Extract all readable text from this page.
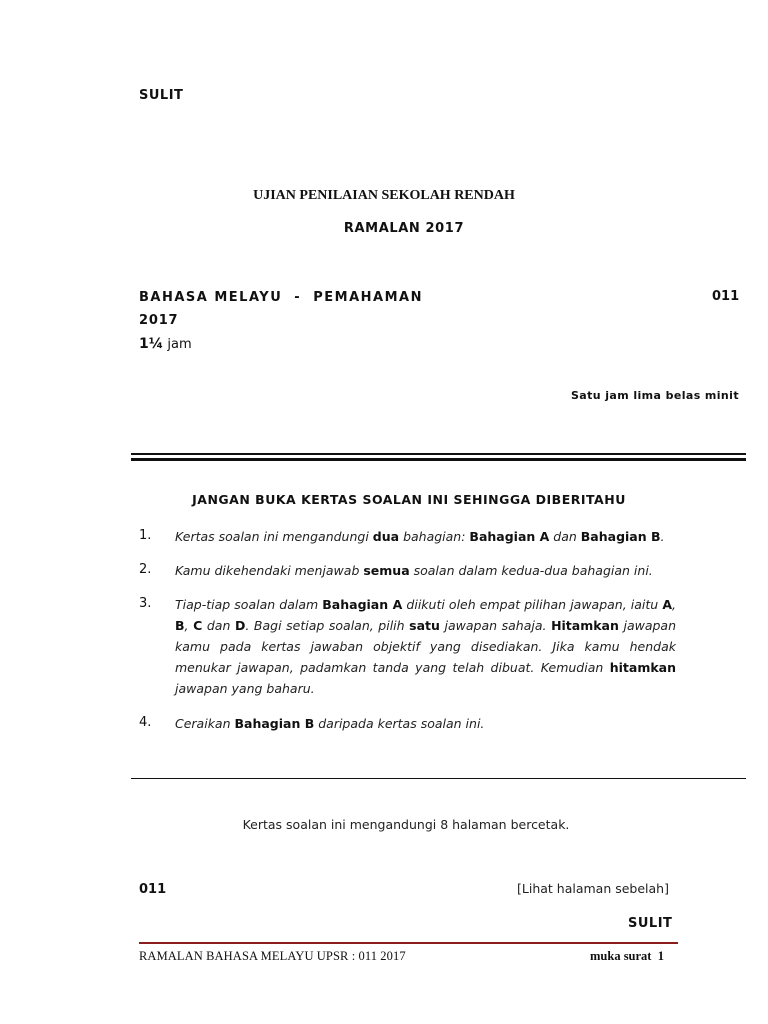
SULIT
UJIAN PENILAIAN SEKOLAH RENDAH
RAMALAN 2017
BAHASA MELAYU  -  PEMAHAMAN	011
2017
1¼ jam
Satu jam lima belas minit
JANGAN BUKA KERTAS SOALAN INI SEHINGGA DIBERITAHU
1. Kertas soalan ini mengandungi dua bahagian: Bahagian A dan Bahagian B.
2. Kamu dikehendaki menjawab semua soalan dalam kedua-dua bahagian ini.
3. Tiap-tiap soalan dalam Bahagian A diikuti oleh empat pilihan jawapan, iaitu A, B, C dan D. Bagi setiap soalan, pilih satu jawapan sahaja. Hitamkan jawapan kamu pada kertas jawaban objektif yang disediakan. Jika kamu hendak menukar jawapan, padamkan tanda yang telah dibuat. Kemudian hitamkan jawapan yang baharu.
4. Ceraikan Bahagian B daripada kertas soalan ini.
Kertas soalan ini mengandungi 8 halaman bercetak.
011	[Lihat halaman sebelah]
SULIT
RAMALAN BAHASA MELAYU UPSR : 011 2017	muka surat  1
